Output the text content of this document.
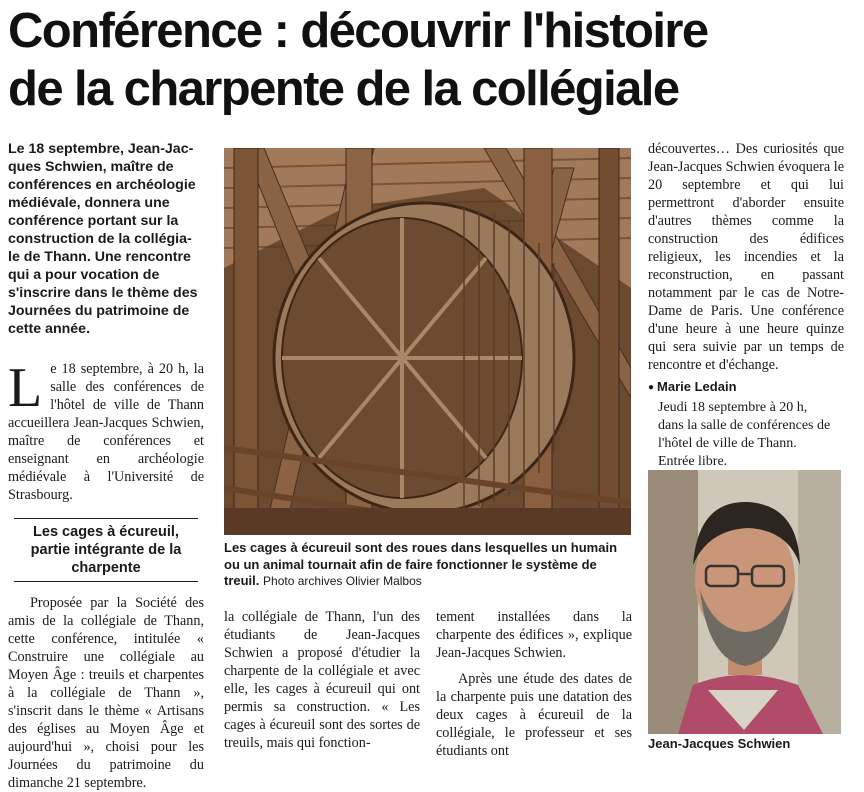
Conférence : découvrir l'histoire
de la charpente de la collégiale

Le 18 septembre, Jean-Jac-

ques Schwien, maître de

conférences en archéologie

médiévale, donnera une

conférence portant sur la

construction de la collégia-

le de Thann. Une rencontre

qui a pour vocation de

s'inscrire dans le thème des

Journées du patrimoine de

cette année.

Le 18 septembre, à 20 h, la salle des conférences de l'hôtel de ville de Thann accueillera Jean-Jacques Schwien, maître de conférences et enseignant en archéologie médiévale à l'Université de Strasbourg.

Les cages à écureuil, partie intégrante de la charpente

Proposée par la Société des amis de la collégiale de Thann, cette conférence, intitulée « Construire une collégiale au Moyen Âge : treuils et charpentes à la collégiale de Thann », s'inscrit dans le thème « Artisans des églises au Moyen Âge et aujourd'hui », choisi pour les Journées du patrimoine du dimanche 21 septembre.

Les cages à écureuil sont des roues dans lesquelles un humain ou un animal tournait afin de faire fonctionner le système de treuil. Photo archives Olivier Malbos

la collégiale de Thann, l'un des étudiants de Jean-Jacques Schwien a proposé d'étudier la charpente de la collégiale et avec elle, les cages à écureuil qui ont permis sa construction. « Les cages à écureuil sont des sortes de treuils, mais qui fonction-

tement installées dans la charpente des édifices », explique Jean-Jacques Schwien.

Après une étude des dates de la charpente puis une datation des deux cages à écureuil de la collégiale, le professeur et ses étudiants ont

découvertes… Des curiosités que Jean-Jacques Schwien évoquera le 20 septembre et qui lui permettront d'aborder ensuite d'autres thèmes comme la construction des édifices religieux, les incendies et la reconstruction, en passant notamment par le cas de Notre-Dame de Paris. Une conférence d'une heure à une heure quinze qui sera suivie par un temps de rencontre et d'échange.

● Marie Ledain
Jeudi 18 septembre à 20 h,
dans la salle de conférences de
l'hôtel de ville de Thann.
Entrée libre.
Jean-Jacques Schwien
